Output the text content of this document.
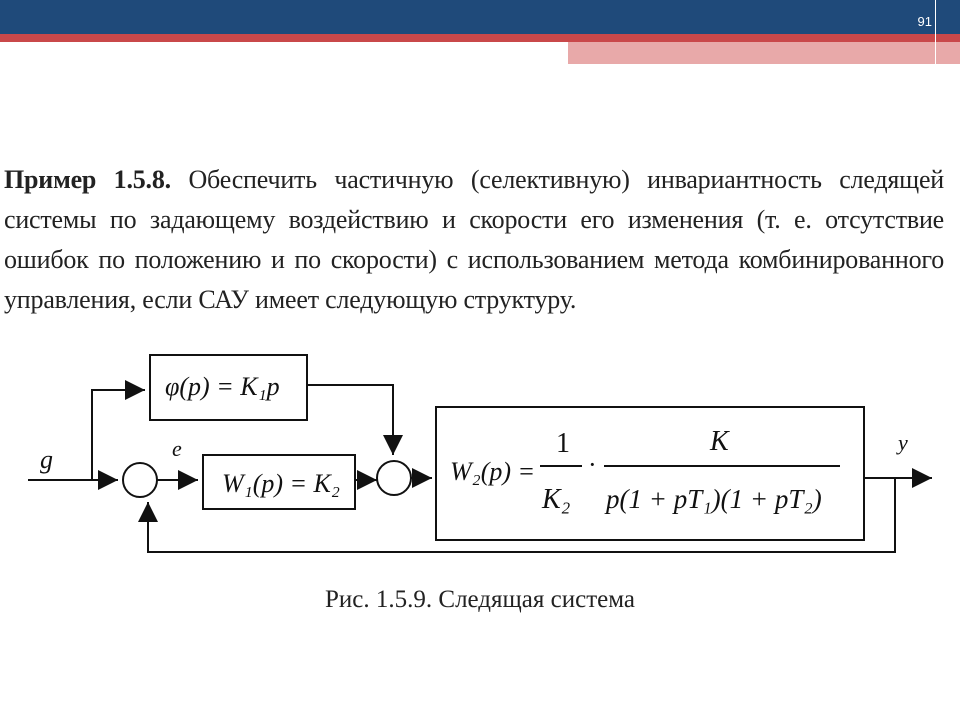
91
Пример 1.5.8. Обеспечить частичную (селективную) инвариантность следящей системы по задающему воздействию и скорости его изменения (т. е. отсутствие ошибок по положению и по скорости) с использованием метода комбинированного управления, если САУ имеет следующую структуру.
g	e	y
φ(p) = K₁p
W₁(p) = K₂	W₂(p) =
1
K₂
·
K
p(1 + pT₁)(1 + pT₂)
Рис. 1.5.9. Следящая система
